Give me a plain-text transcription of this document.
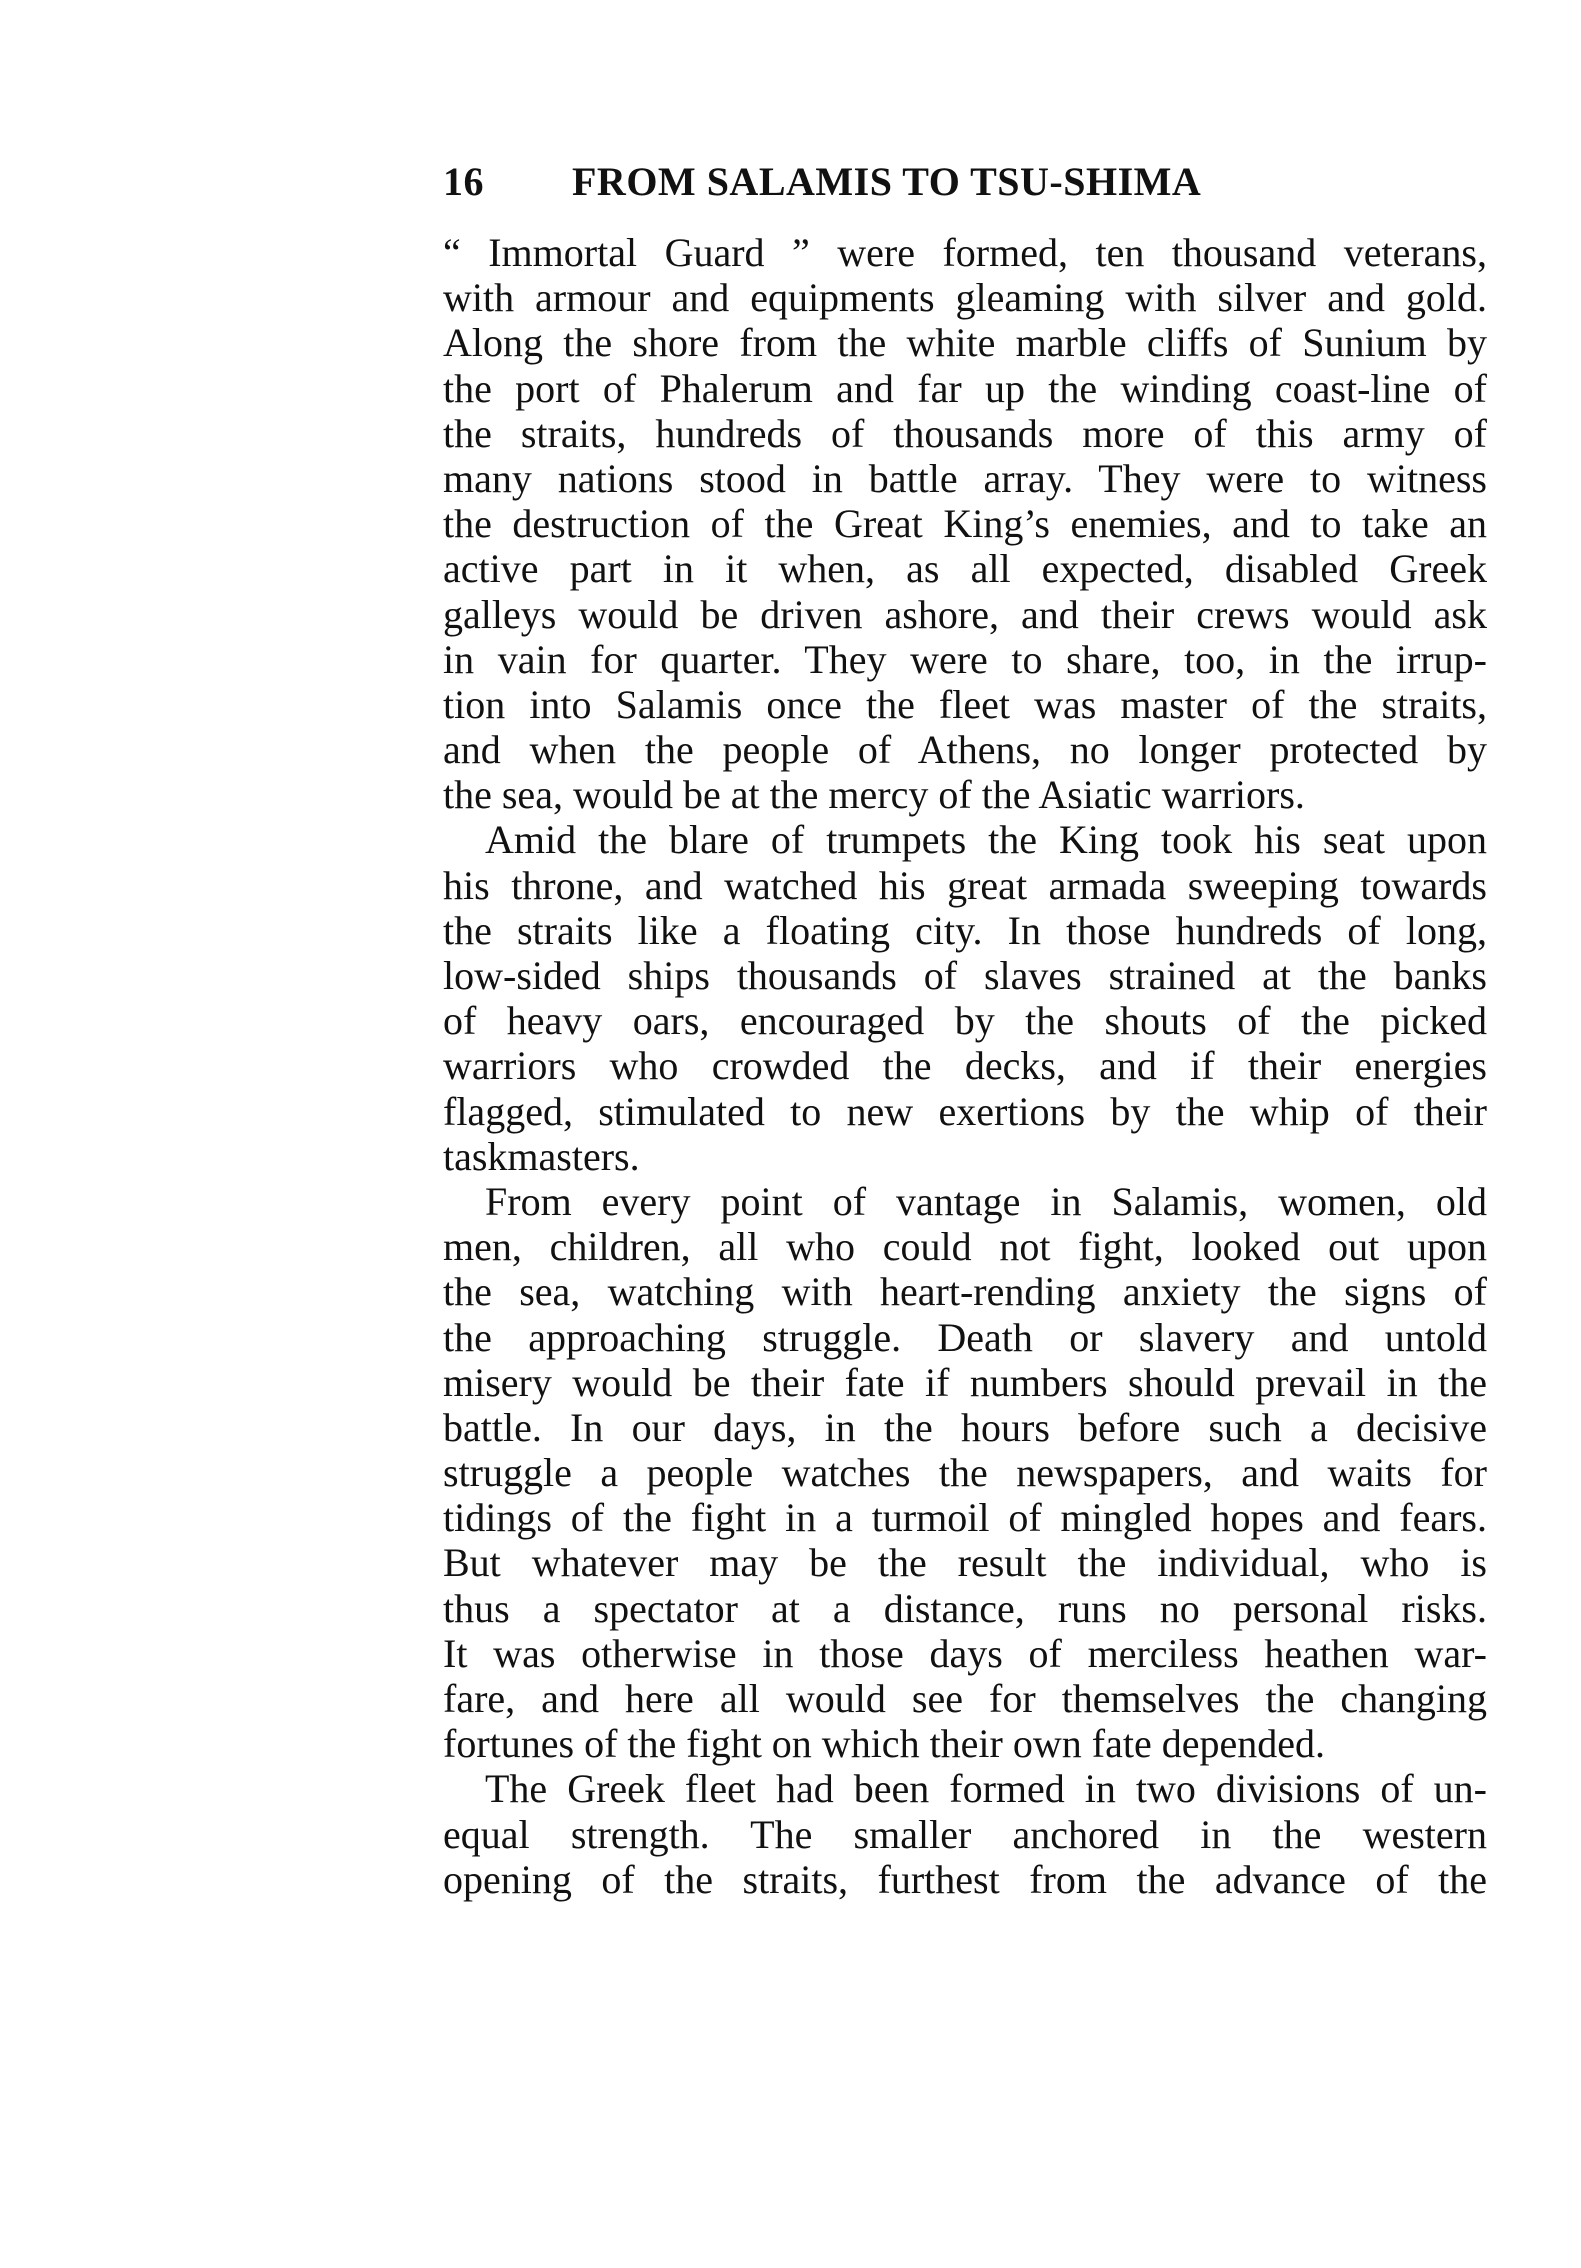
16 FROM SALAMIS TO TSU-SHIMA
“ Immortal Guard ” were formed, ten thousand veterans,
with armour and equipments gleaming with silver and gold.
Along the shore from the white marble cliffs of Sunium by
the port of Phalerum and far up the winding coast-line of
the straits, hundreds of thousands more of this army of
many nations stood in battle array. They were to witness
the destruction of the Great King’s enemies, and to take an
active part in it when, as all expected, disabled Greek
galleys would be driven ashore, and their crews would ask
in vain for quarter. They were to share, too, in the irrup-
tion into Salamis once the fleet was master of the straits,
and when the people of Athens, no longer protected by
the sea, would be at the mercy of the Asiatic warriors.
Amid the blare of trumpets the King took his seat upon
his throne, and watched his great armada sweeping towards
the straits like a floating city. In those hundreds of long,
low-sided ships thousands of slaves strained at the banks
of heavy oars, encouraged by the shouts of the picked
warriors who crowded the decks, and if their energies
flagged, stimulated to new exertions by the whip of their
taskmasters.
From every point of vantage in Salamis, women, old
men, children, all who could not fight, looked out upon
the sea, watching with heart-rending anxiety the signs of
the approaching struggle. Death or slavery and untold
misery would be their fate if numbers should prevail in the
battle. In our days, in the hours before such a decisive
struggle a people watches the newspapers, and waits for
tidings of the fight in a turmoil of mingled hopes and fears.
But whatever may be the result the individual, who is
thus a spectator at a distance, runs no personal risks.
It was otherwise in those days of merciless heathen war-
fare, and here all would see for themselves the changing
fortunes of the fight on which their own fate depended.
The Greek fleet had been formed in two divisions of un-
equal strength. The smaller anchored in the western
opening of the straits, furthest from the advance of the
